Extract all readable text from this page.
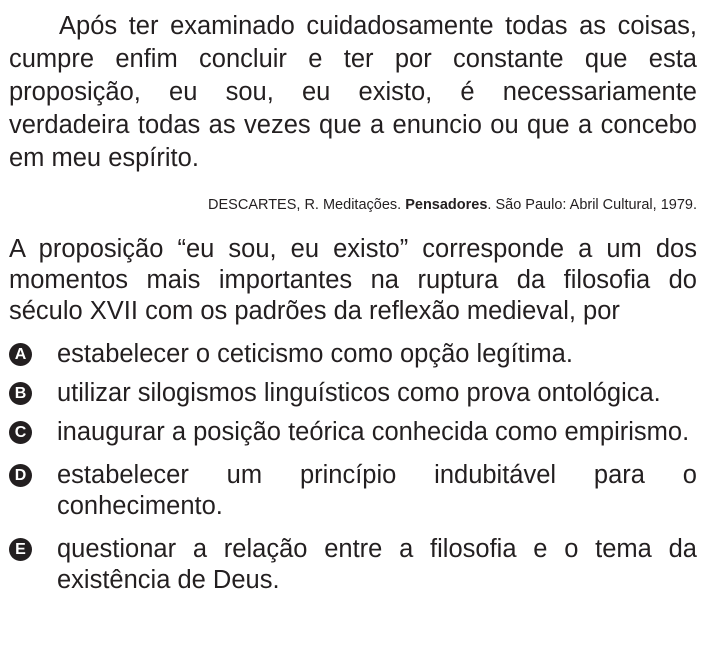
Após ter examinado cuidadosamente todas as coisas, cumpre enfim concluir e ter por constante que esta proposição, eu sou, eu existo, é necessariamente verdadeira todas as vezes que a enuncio ou que a concebo em meu espírito.

DESCARTES, R. Meditações. Pensadores. São Paulo: Abril Cultural, 1979.

A proposição “eu sou, eu existo” corresponde a um dos momentos mais importantes na ruptura da filosofia do século XVII com os padrões da reflexão medieval, por

A estabelecer o ceticismo como opção legítima.
B utilizar silogismos linguísticos como prova ontológica.
C inaugurar a posição teórica conhecida como empirismo.
D estabelecer um princípio indubitável para o conhecimento.
E questionar a relação entre a filosofia e o tema da existência de Deus.
